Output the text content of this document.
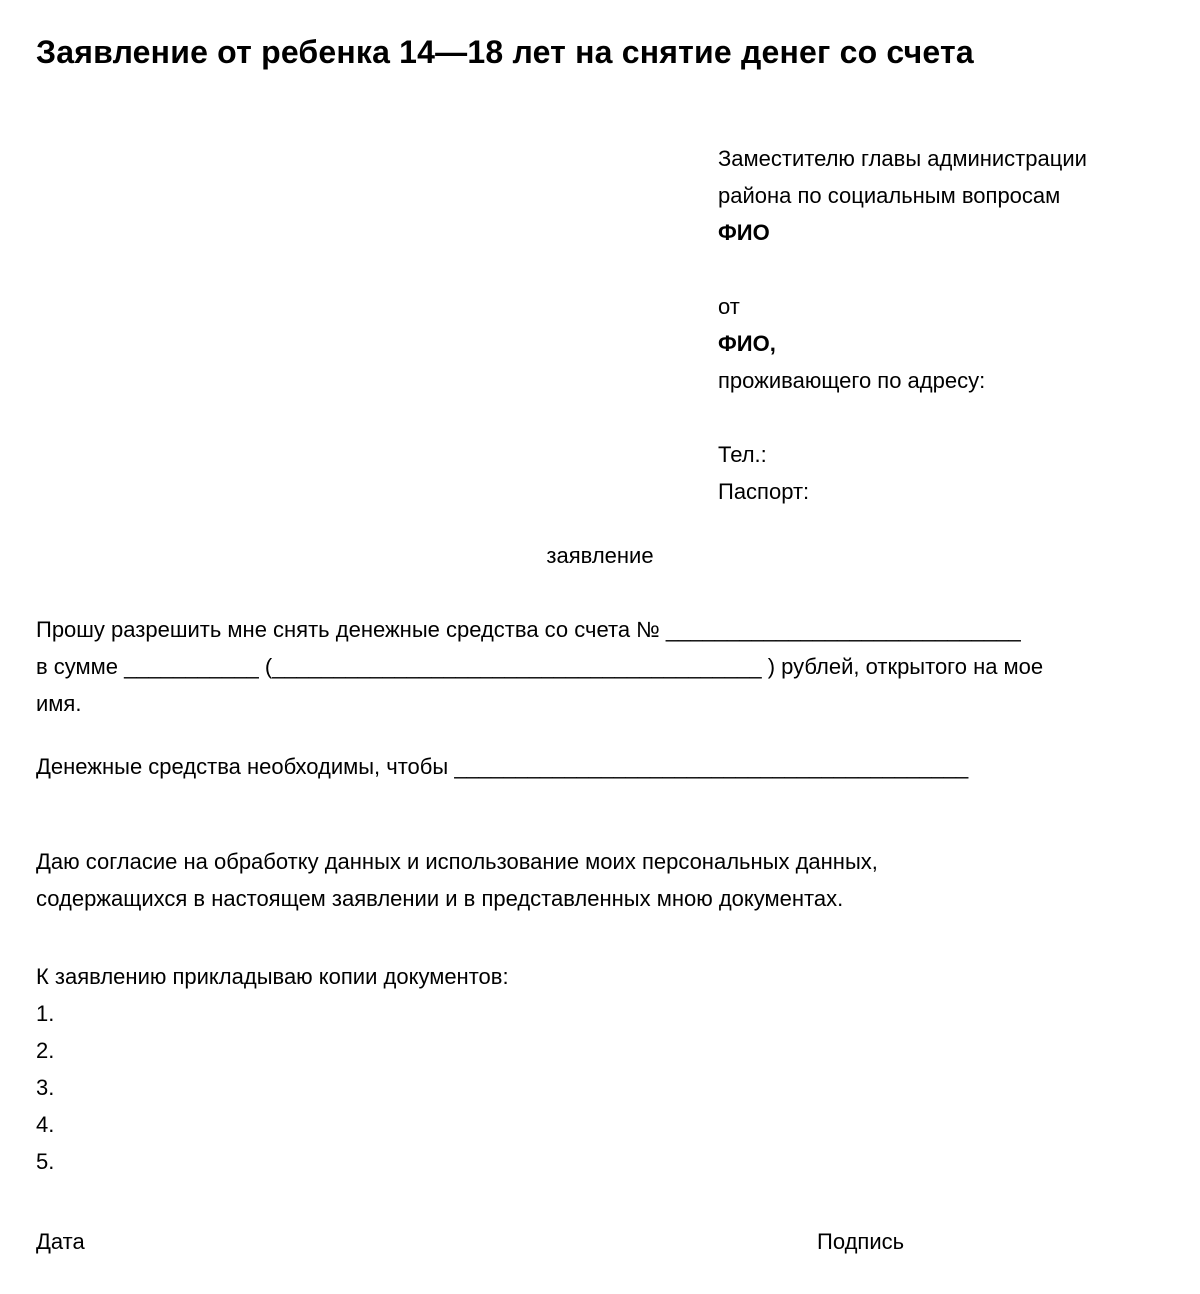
Заявление от ребенка 14—18 лет на снятие денег со счета
Заместителю главы администрации
района по социальным вопросам
ФИО
от
ФИО,
проживающего по адресу:
Тел.:
Паспорт:
заявление
Прошу разрешить мне снять денежные средства со счета № _____________________________
в сумме ___________ (________________________________________ ) рублей, открытого на мое
имя.
Денежные средства необходимы, чтобы __________________________________________
Даю согласие на обработку данных и использование моих персональных данных,
содержащихся в настоящем заявлении и в представленных мною документах.
К заявлению прикладываю копии документов:
1.
2.
3.
4.
5.
Дата	Подпись
